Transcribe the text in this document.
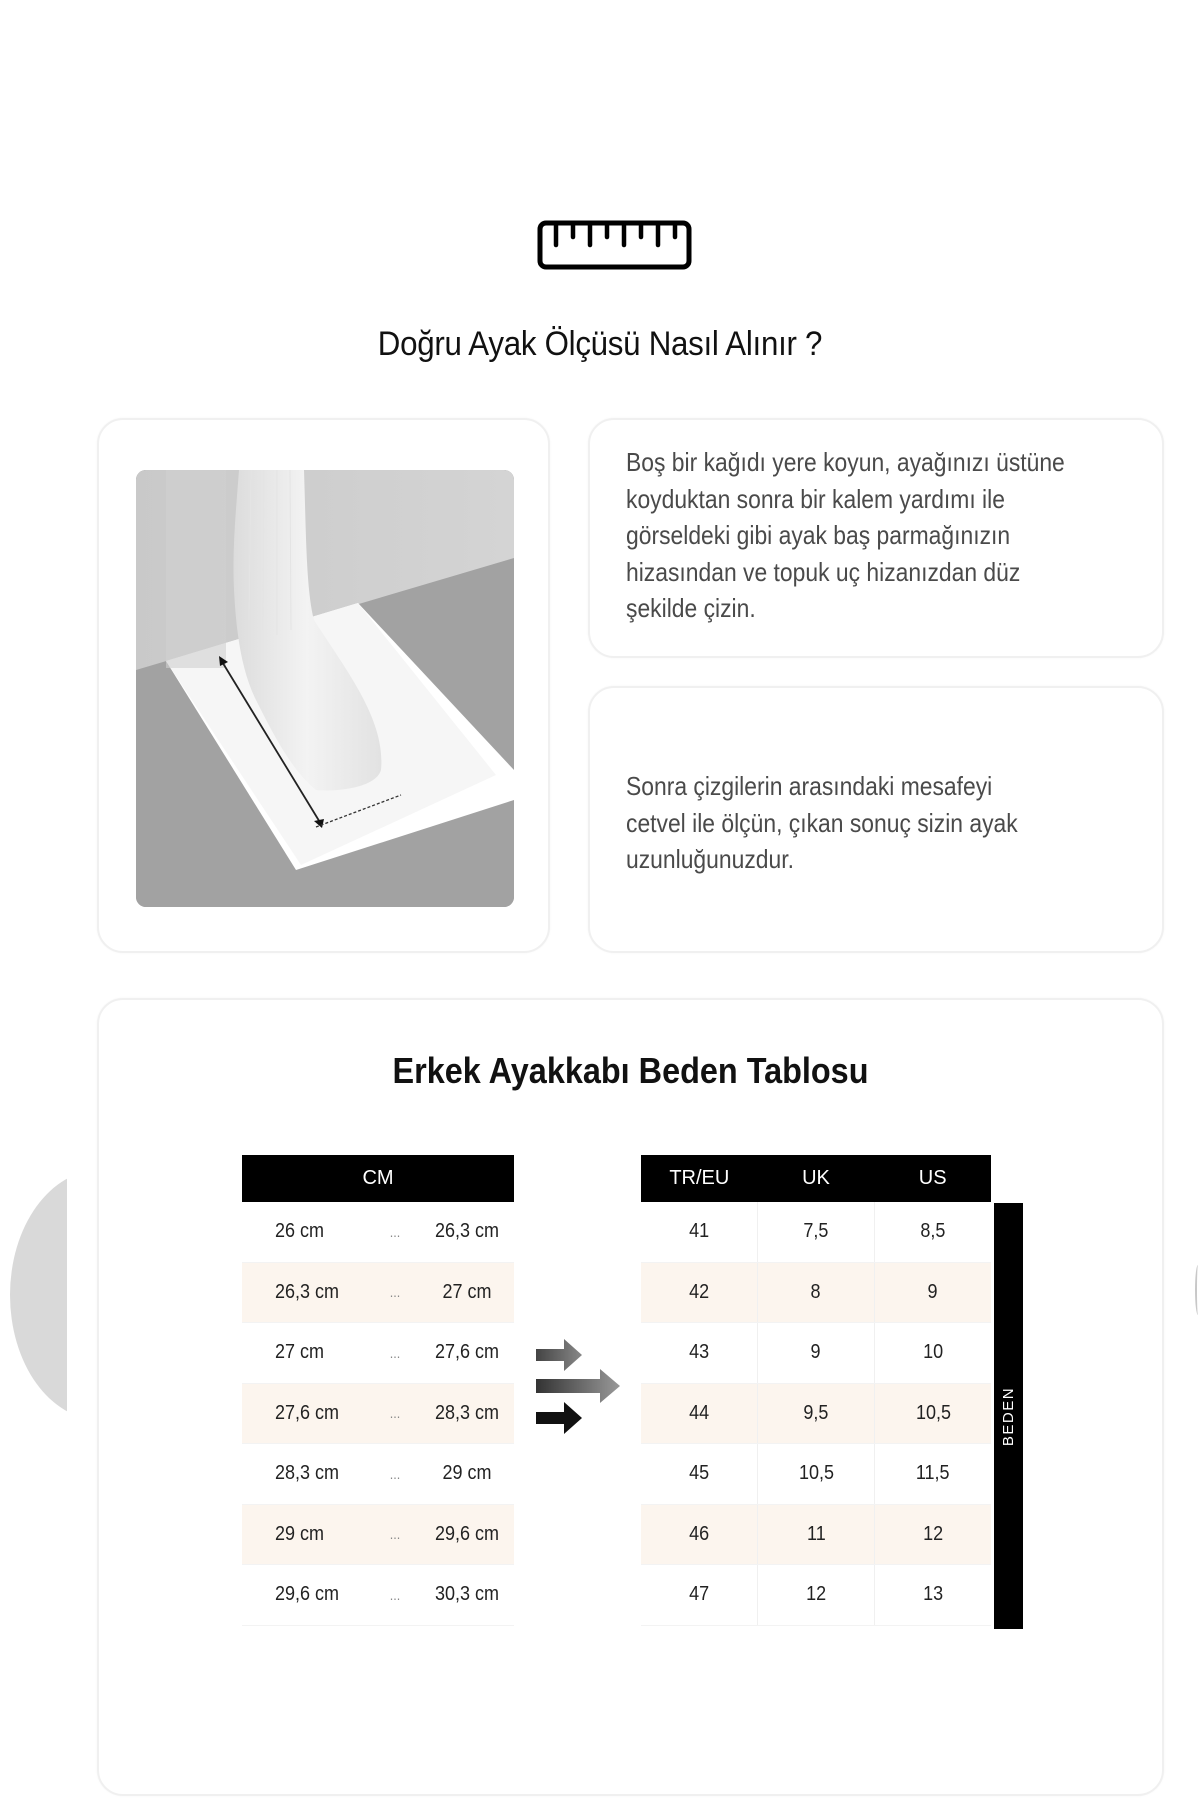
Doğru Ayak Ölçüsü Nasıl Alınır ?
Boş bir kağıdı yere koyun, ayağınızı üstüne
koyduktan sonra bir kalem yardımı ile
görseldeki gibi ayak baş parmağınızın
hizasından ve topuk uç hizanızdan düz
şekilde çizin.
Sonra çizgilerin arasındaki mesafeyi
cetvel ile ölçün, çıkan sonuç sizin ayak
uzunluğunuzdur.
Erkek Ayakkabı Beden Tablosu
CM
26 cm	...	26,3 cm
26,3 cm	...	27 cm
27 cm	...	27,6 cm
27,6 cm	...	28,3 cm
28,3 cm	...	29 cm
29 cm	...	29,6 cm
29,6 cm	...	30,3 cm
TR/EU	UK	US
41	7,5	8,5
42	8	9
43	9	10
44	9,5	10,5
45	10,5	11,5
46	11	12
47	12	13
BEDEN
